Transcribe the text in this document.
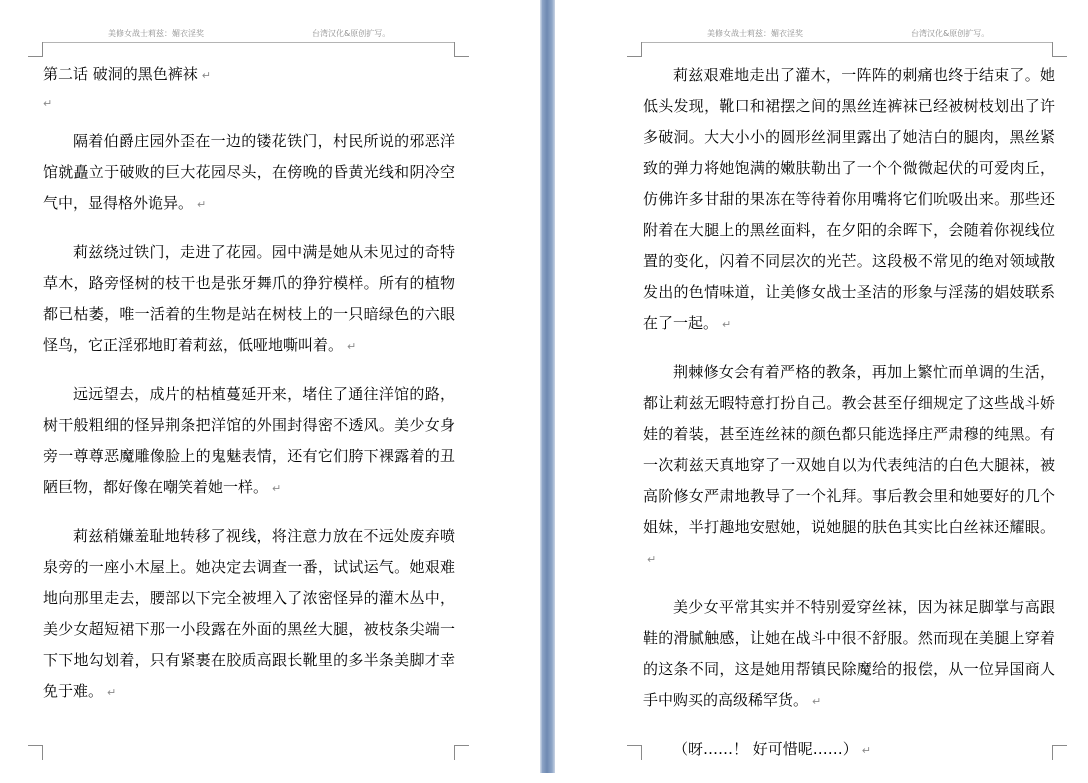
美修女战士莉兹：媚衣淫奖	台湾汉化&原创扩写。	美修女战士莉兹：媚衣淫奖	台湾汉化&原创扩写。

第二话 破洞的黑色裤袜 ↵

↵

隔着伯爵庄园外歪在一边的镂花铁门，村民所说的邪恶洋馆就矗立于破败的巨大花园尽头，在傍晚的昏黄光线和阴冷空气中，显得格外诡异。 ↵

莉兹绕过铁门，走进了花园。园中满是她从未见过的奇特草木，路旁怪树的枝干也是张牙舞爪的狰狞模样。所有的植物都已枯萎，唯一活着的生物是站在树枝上的一只暗绿色的六眼怪鸟，它正淫邪地盯着莉兹，低哑地嘶叫着。 ↵

远远望去，成片的枯植蔓延开来，堵住了通往洋馆的路，树干般粗细的怪异荆条把洋馆的外围封得密不透风。美少女身旁一尊尊恶魔雕像脸上的鬼魅表情，还有它们胯下裸露着的丑陋巨物，都好像在嘲笑着她一样。 ↵

莉兹稍嫌羞耻地转移了视线，将注意力放在不远处废弃喷泉旁的一座小木屋上。她决定去调查一番，试试运气。她艰难地向那里走去，腰部以下完全被埋入了浓密怪异的灌木丛中，美少女超短裙下那一小段露在外面的黑丝大腿，被枝条尖端一下下地勾划着，只有紧裹在胶质高跟长靴里的多半条美脚才幸免于难。 ↵

莉兹艰难地走出了灌木，一阵阵的刺痛也终于结束了。她低头发现，靴口和裙摆之间的黑丝连裤袜已经被树枝划出了许多破洞。大大小小的圆形丝洞里露出了她洁白的腿肉，黑丝紧致的弹力将她饱满的嫩肤勒出了一个个微微起伏的可爱肉丘，仿佛许多甘甜的果冻在等待着你用嘴将它们吮吸出来。那些还附着在大腿上的黑丝面料，在夕阳的余晖下，会随着你视线位置的变化，闪着不同层次的光芒。这段极不常见的绝对领域散发出的色情味道，让美修女战士圣洁的形象与淫荡的娼妓联系在了一起。 ↵

荆棘修女会有着严格的教条，再加上繁忙而单调的生活，都让莉兹无暇特意打扮自己。教会甚至仔细规定了这些战斗娇娃的着装，甚至连丝袜的颜色都只能选择庄严肃穆的纯黑。有一次莉兹天真地穿了一双她自以为代表纯洁的白色大腿袜，被高阶修女严肃地教导了一个礼拜。事后教会里和她要好的几个姐妹，半打趣地安慰她，说她腿的肤色其实比白丝袜还耀眼。↵

美少女平常其实并不特别爱穿丝袜，因为袜足脚掌与高跟鞋的滑腻触感，让她在战斗中很不舒服。然而现在美腿上穿着的这条不同，这是她用帮镇民除魔给的报偿，从一位异国商人手中购买的高级稀罕货。 ↵

（呀……！ 好可惜呢……） ↵
